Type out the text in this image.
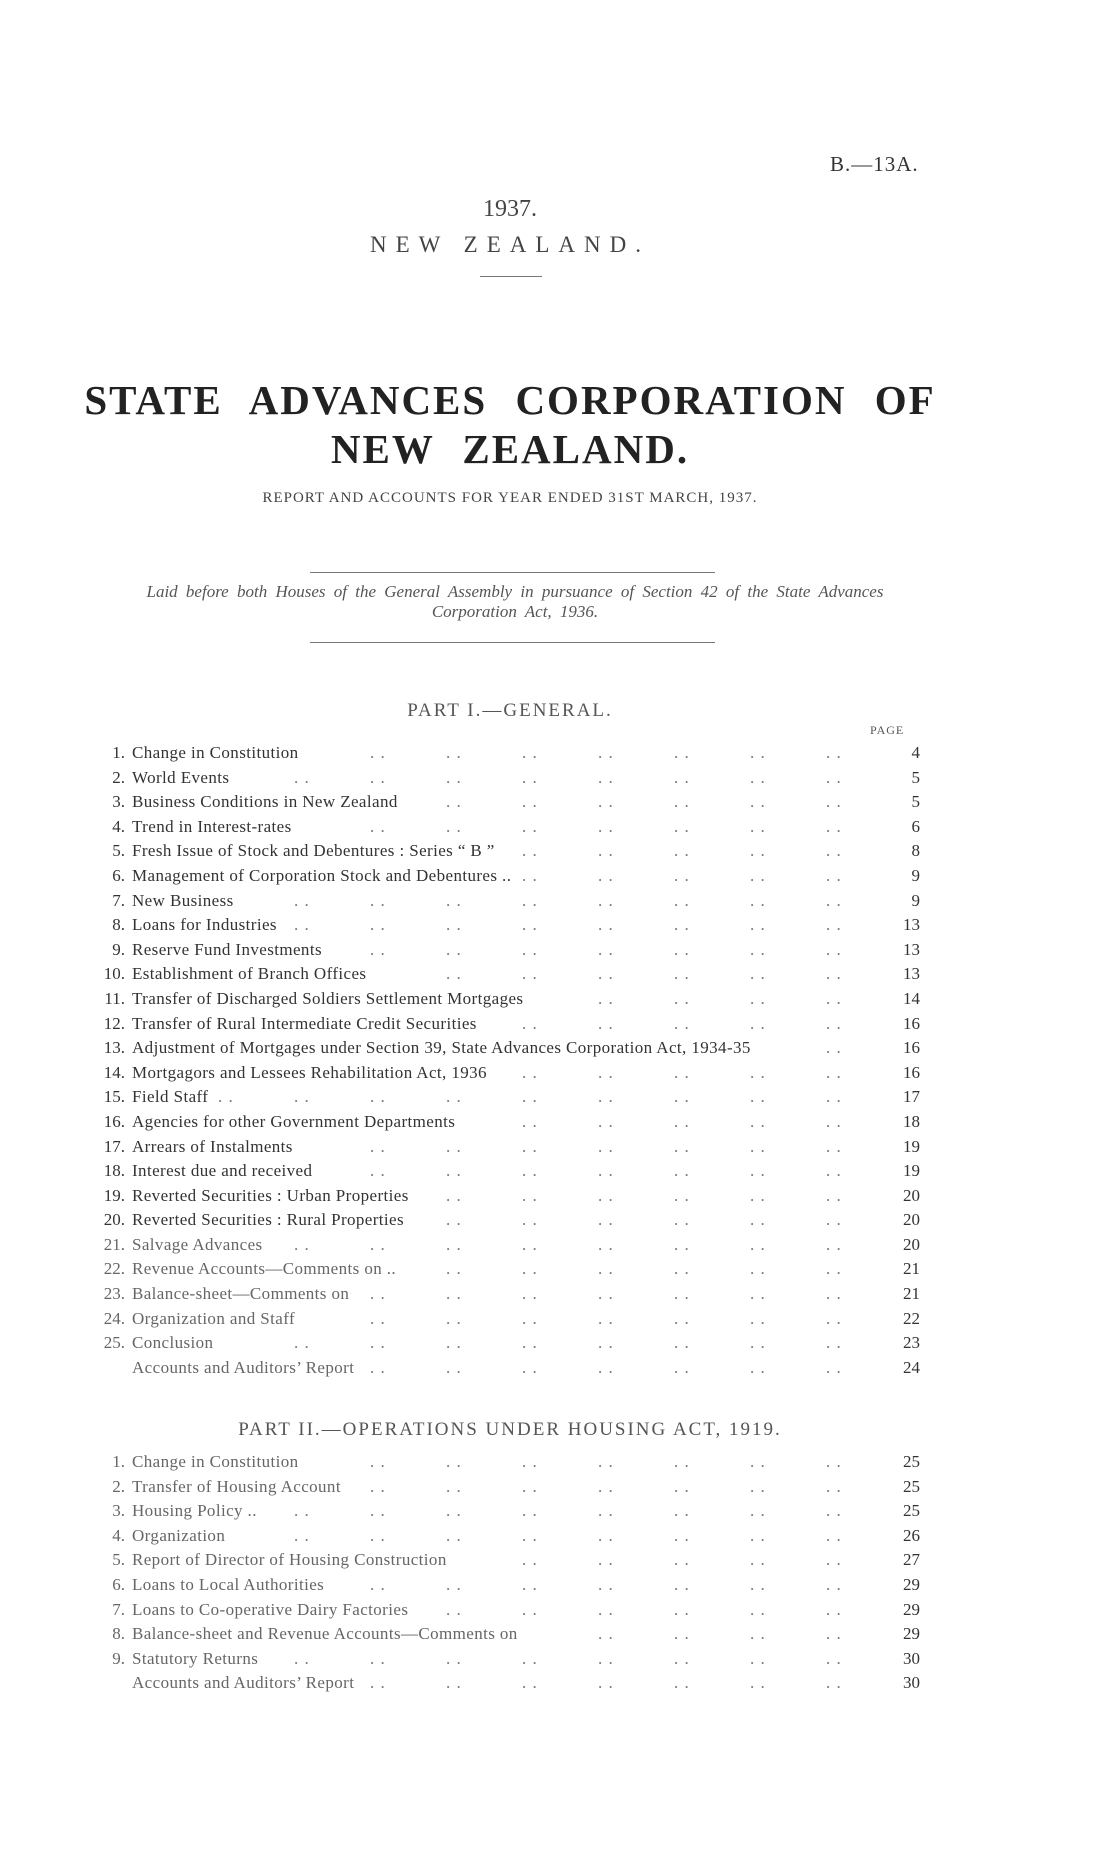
B.—13A.
1937.
NEW ZEALAND.
STATE ADVANCES CORPORATION OF
NEW ZEALAND.
REPORT AND ACCOUNTS FOR YEAR ENDED 31ST MARCH, 1937.
Laid before both Houses of the General Assembly in pursuance of Section 42 of the State Advances
Corporation Act, 1936.
PART I.—GENERAL.
PAGE
1. Change in Constitution	4
. .	. .	. .	. .	. .	. .	. .
2. World Events	5
. .	. .	. .	. .	. .	. .	. .	. .
3. Business Conditions in New Zealand	5
. .	. .	. .	. .	. .	. .
4. Trend in Interest-rates	6
. .	. .	. .	. .	. .	. .	. .
5. Fresh Issue of Stock and Debentures : Series “ B ”	8
. .	. .	. .	. .	. .
6. Management of Corporation Stock and Debentures ..	9
. .	. .	. .	. .	. .
7. New Business	9
. .	. .	. .	. .	. .	. .	. .	. .
8. Loans for Industries	13
. .	. .	. .	. .	. .	. .	. .	. .
9. Reserve Fund Investments	13
. .	. .	. .	. .	. .	. .	. .
10. Establishment of Branch Offices	13
. .	. .	. .	. .	. .	. .
11. Transfer of Discharged Soldiers Settlement Mortgages	14
. .	. .	. .	. .
12. Transfer of Rural Intermediate Credit Securities	16
. .	. .	. .	. .	. .
13. Adjustment of Mortgages under Section 39, State Advances Corporation Act, 1934-35	16
. .
14. Mortgagors and Lessees Rehabilitation Act, 1936	16
. .	. .	. .	. .	. .
15. Field Staff	17
. .	. .	. .	. .	. .	. .	. .	. .	. .
16. Agencies for other Government Departments	18
. .	. .	. .	. .	. .
17. Arrears of Instalments	19
. .	. .	. .	. .	. .	. .	. .
18. Interest due and received	19
. .	. .	. .	. .	. .	. .	. .
19. Reverted Securities : Urban Properties	20
. .	. .	. .	. .	. .	. .
20. Reverted Securities : Rural Properties	20
. .	. .	. .	. .	. .	. .
21. Salvage Advances	20
. .	. .	. .	. .	. .	. .	. .	. .
22. Revenue Accounts—Comments on ..	21
. .	. .	. .	. .	. .	. .
23. Balance-sheet—Comments on	21
. .	. .	. .	. .	. .	. .	. .
24. Organization and Staff	22
. .	. .	. .	. .	. .	. .	. .
25. Conclusion	23
. .	. .	. .	. .	. .	. .	. .	. .
Accounts and Auditors’ Report	24
. .	. .	. .	. .	. .	. .	. .
PART II.—OPERATIONS UNDER HOUSING ACT, 1919.
1. Change in Constitution	25
. .	. .	. .	. .	. .	. .	. .
2. Transfer of Housing Account	25
. .	. .	. .	. .	. .	. .	. .
3. Housing Policy ..	25
. .	. .	. .	. .	. .	. .	. .	. .
4. Organization	26
. .	. .	. .	. .	. .	. .	. .	. .
5. Report of Director of Housing Construction	27
. .	. .	. .	. .	. .
6. Loans to Local Authorities	29
. .	. .	. .	. .	. .	. .	. .
7. Loans to Co-operative Dairy Factories	29
. .	. .	. .	. .	. .	. .
8. Balance-sheet and Revenue Accounts—Comments on	29
. .	. .	. .	. .
9. Statutory Returns	30
. .	. .	. .	. .	. .	. .	. .	. .
Accounts and Auditors’ Report	30
. .	. .	. .	. .	. .	. .	. .
